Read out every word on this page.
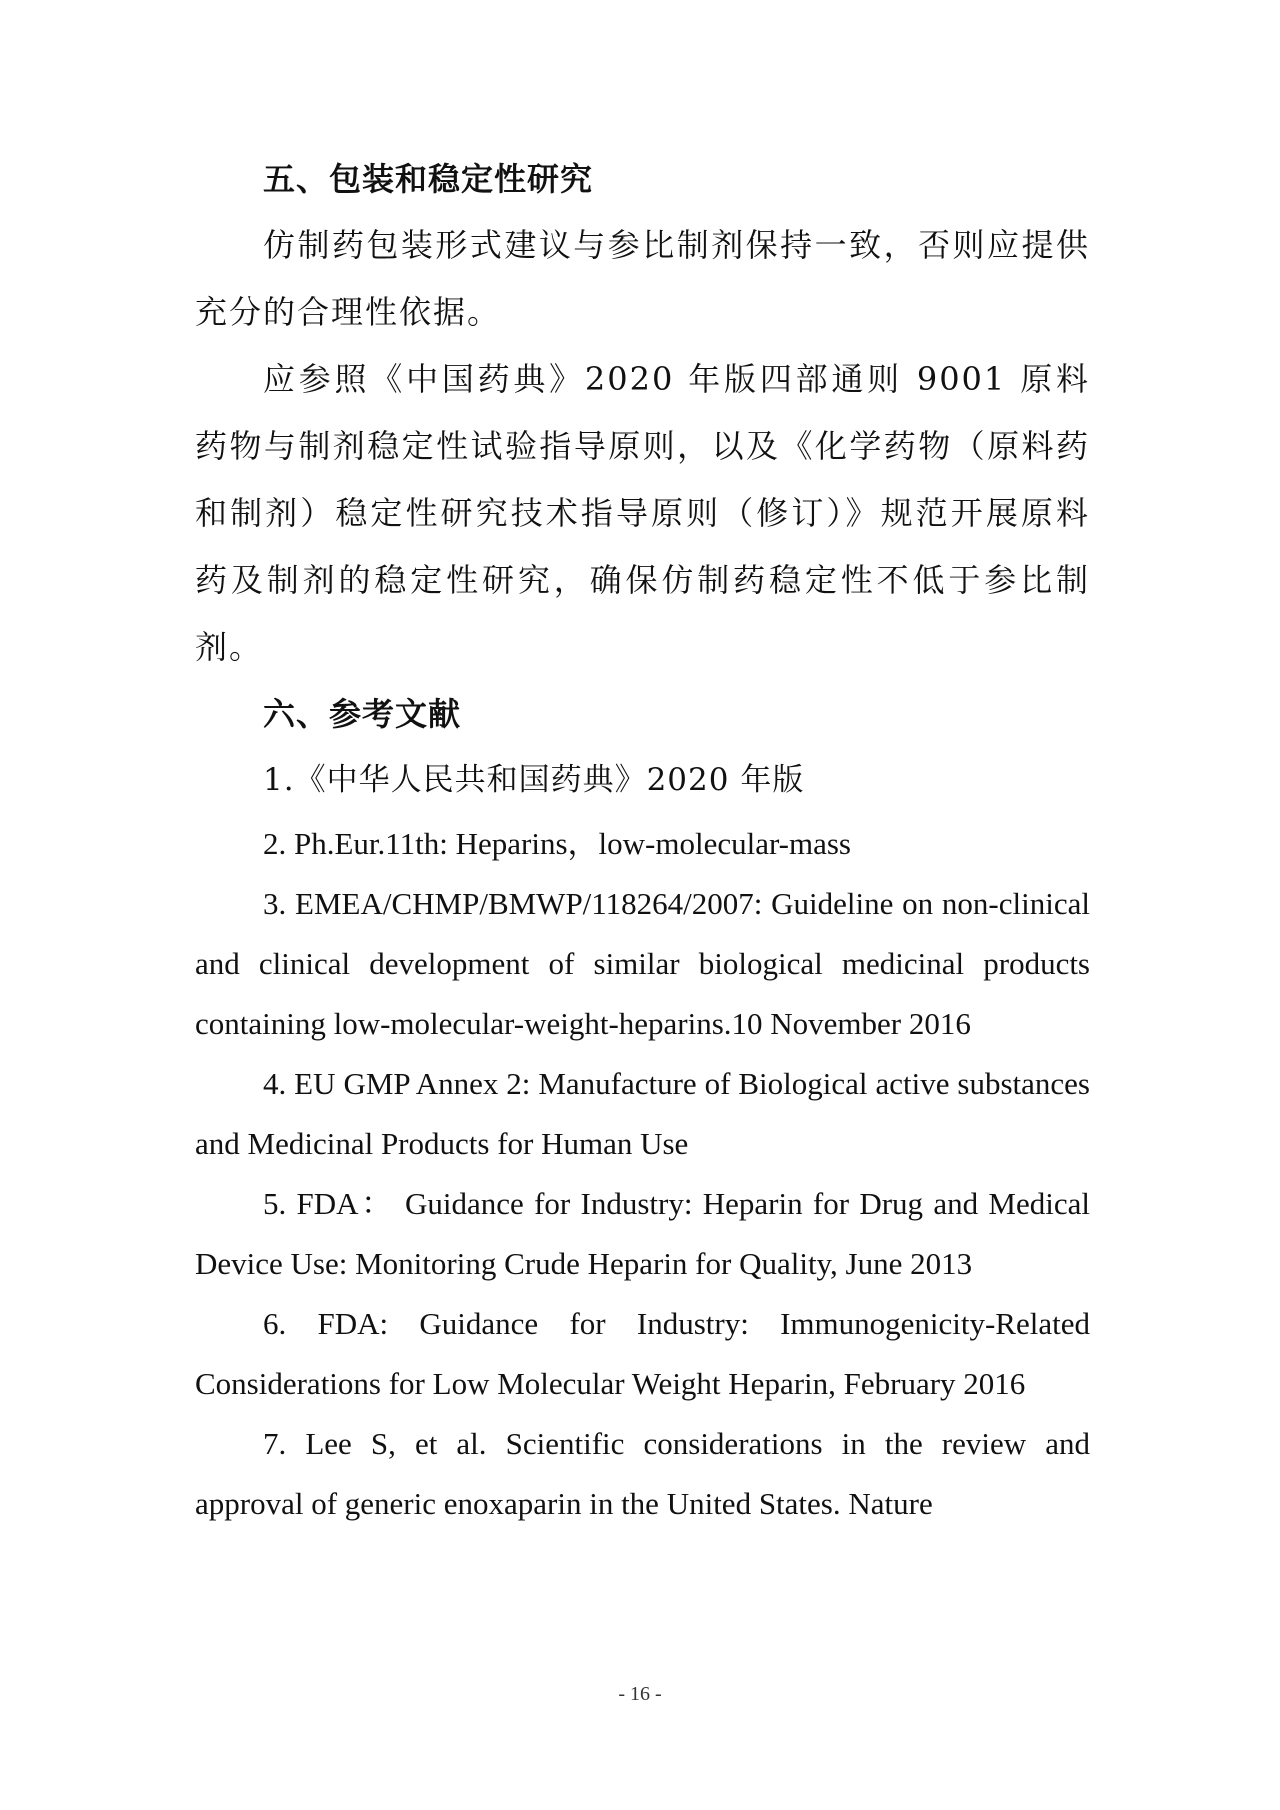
五、包装和稳定性研究

仿制药包装形式建议与参比制剂保持一致，否则应提供充分的合理性依据。

应参照《中国药典》2020 年版四部通则 9001 原料药物与制剂稳定性试验指导原则，以及《化学药物（原料药和制剂）稳定性研究技术指导原则（修订）》规范开展原料药及制剂的稳定性研究，确保仿制药稳定性不低于参比制剂。

六、参考文献

1.《中华人民共和国药典》2020 年版

2. Ph.Eur.11th: Heparins，low-molecular-mass

3. EMEA/CHMP/BMWP/118264/2007: Guideline on non-clinical and clinical development of similar biological medicinal products containing low-molecular-weight-heparins.10 November 2016

4. EU GMP Annex 2: Manufacture of Biological active substances and Medicinal Products for Human Use

5. FDA： Guidance for Industry: Heparin for Drug and Medical Device Use: Monitoring Crude Heparin for Quality, June 2013

6. FDA: Guidance for Industry: Immunogenicity-Related Considerations for Low Molecular Weight Heparin, February 2016

7. Lee S, et al. Scientific considerations in the review and approval of generic enoxaparin in the United States. Nature

- 16 -
